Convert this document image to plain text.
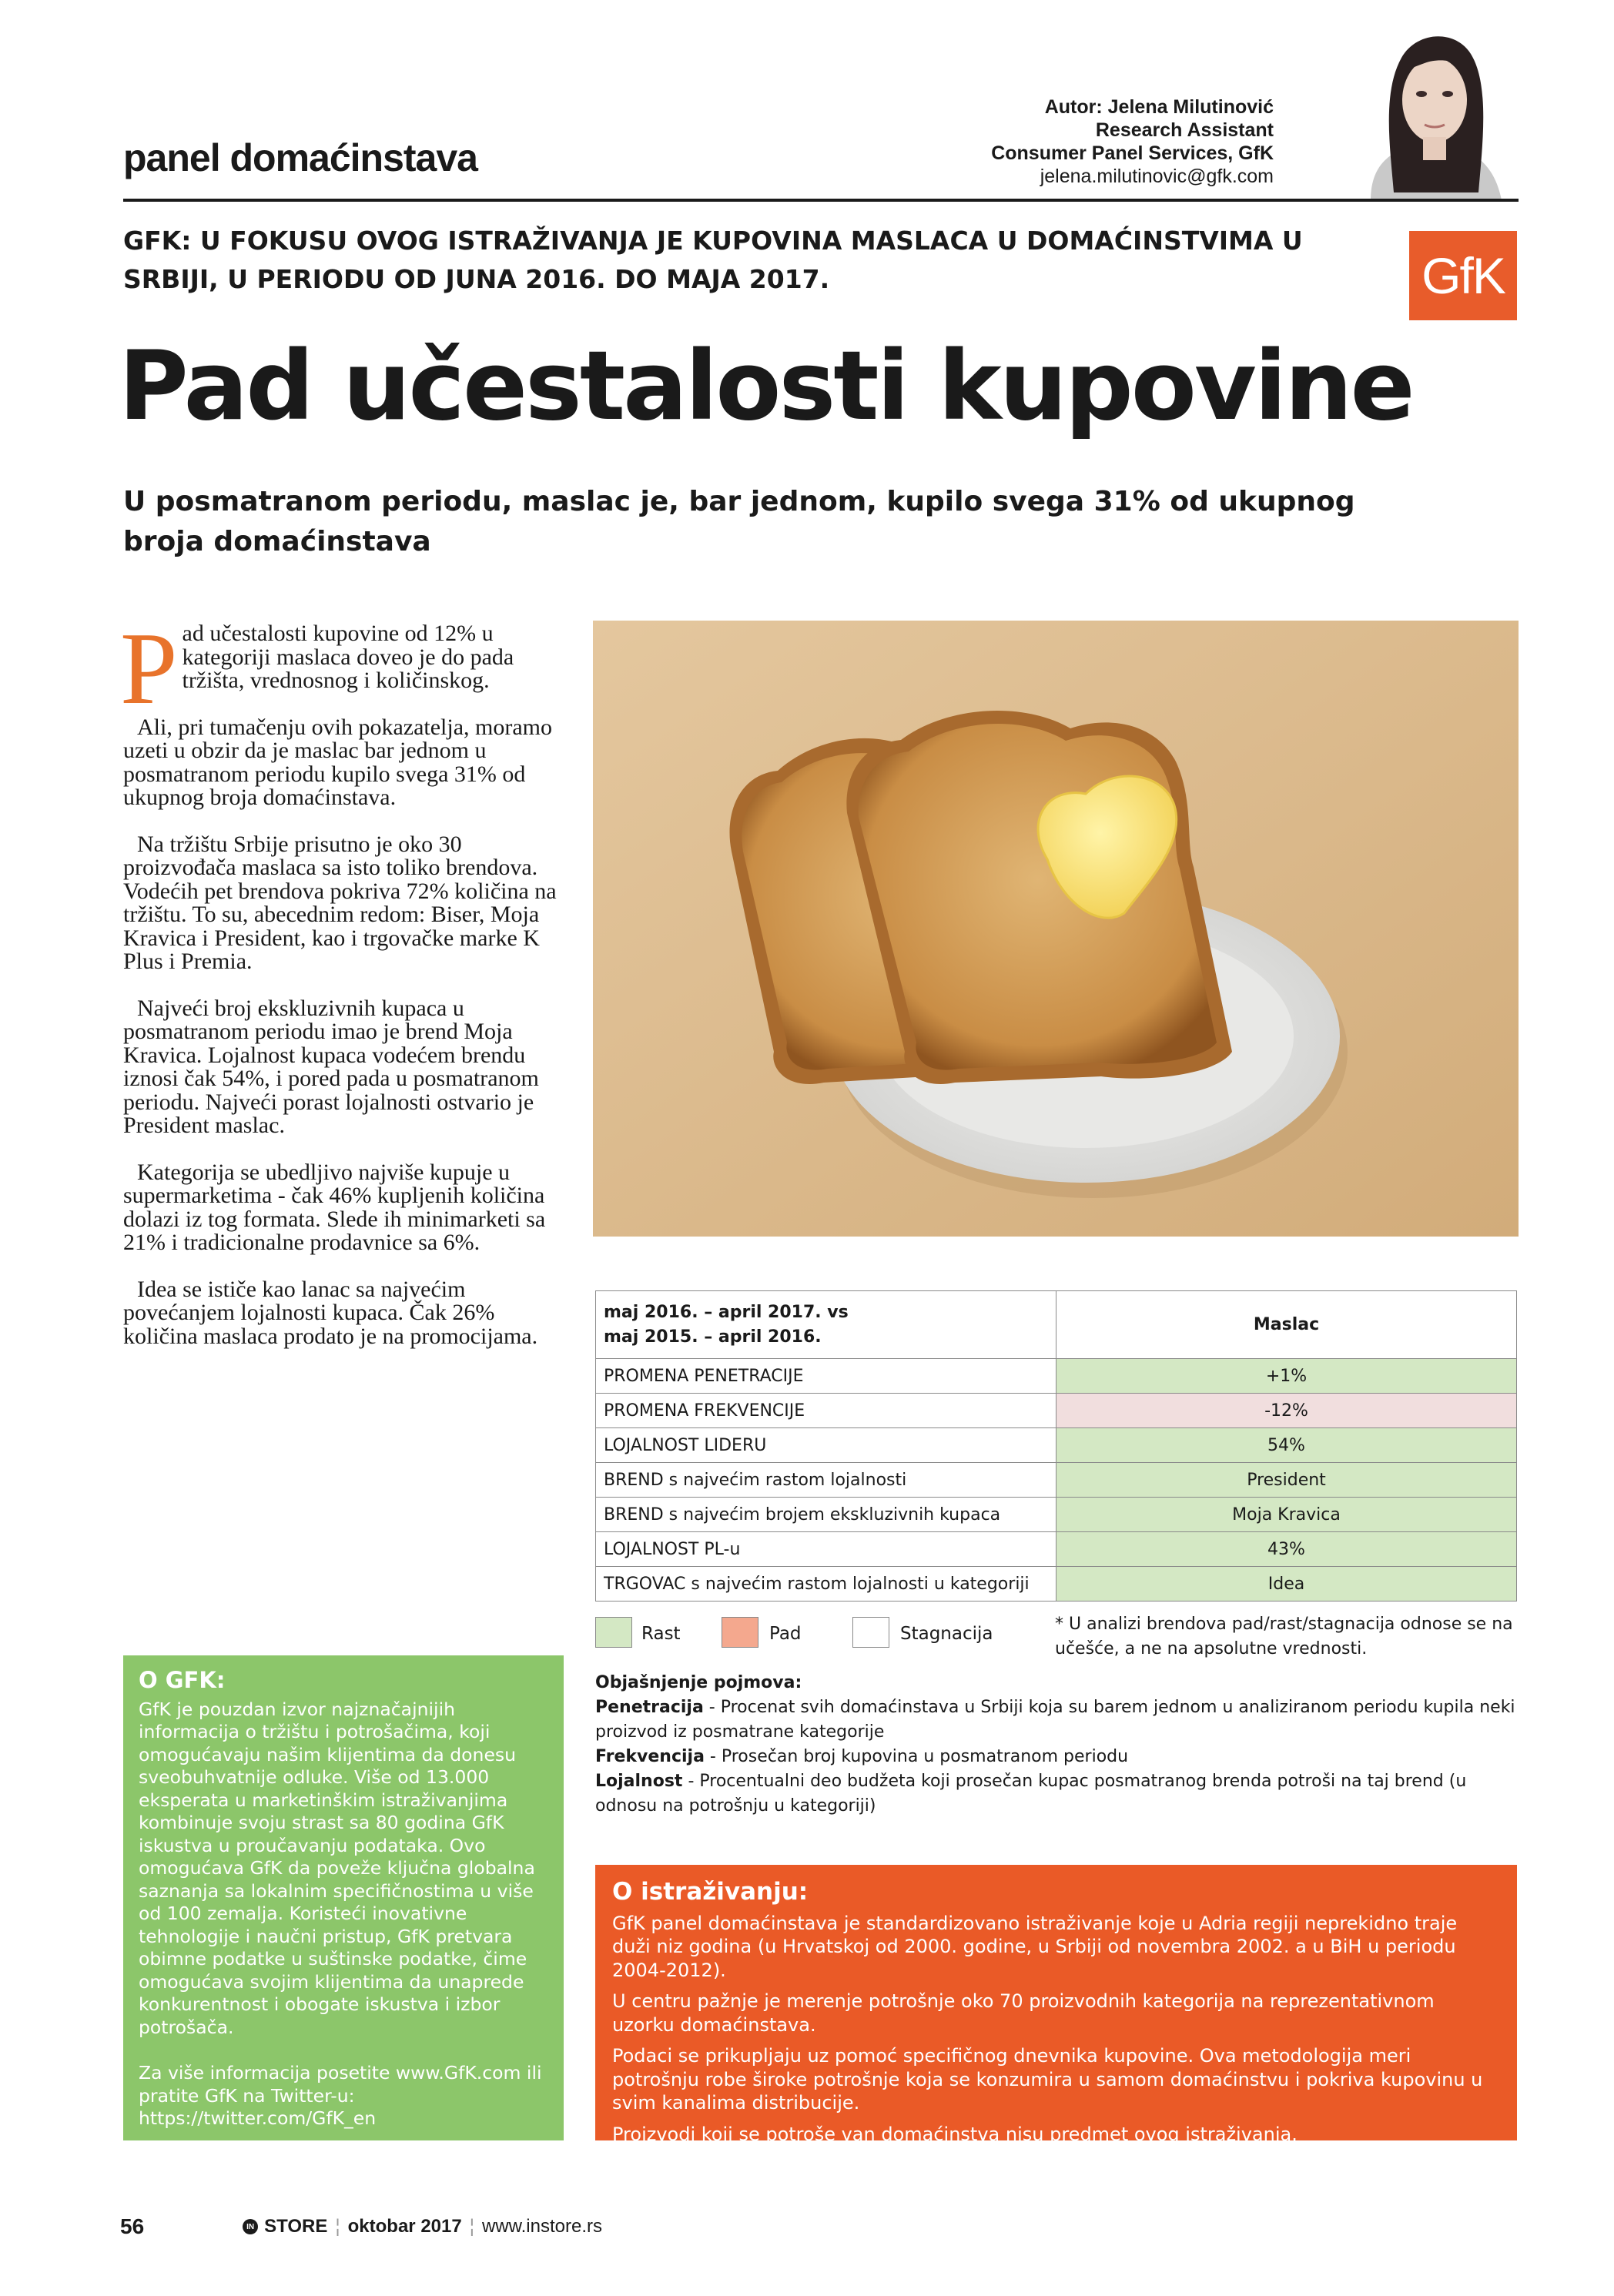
panel domaćinstava
Autor: Jelena Milutinović
Research Assistant
Consumer Panel Services, GfK
jelena.milutinovic@gfk.com
GFK: U FOKUSU OVOG ISTRAŽIVANJA JE KUPOVINA MASLACA U DOMAĆINSTVIMA U SRBIJI, U PERIODU OD JUNA 2016. DO MAJA 2017.	GfK
Pad učestalosti kupovine
U posmatranom periodu, maslac je, bar jednom, kupilo svega 31% od ukupnog broja domaćinstava

Pad učestalosti kupovine od 12% u kategoriji maslaca doveo je do pada tržišta, vrednosnog i količinskog.

Ali, pri tumačenju ovih pokazatelja, moramo uzeti u obzir da je maslac bar jednom u posmatranom periodu kupilo svega 31% od ukupnog broja domaćinstava.

Na tržištu Srbije prisutno je oko 30 proizvođača maslaca sa isto toliko brendova. Vodećih pet brendova pokriva 72% količina na tržištu. To su, abecednim redom: Biser, Moja Kravica i President, kao i trgovačke marke K Plus i Premia.

Najveći broj ekskluzivnih kupaca u posmatranom periodu imao je brend Moja Kravica. Lojalnost kupaca vodećem brendu iznosi čak 54%, i pored pada u posmatranom periodu. Najveći porast lojalnosti ostvario je President maslac.

Kategorija se ubedljivo najviše kupuje u supermarketima - čak 46% kupljenih količina dolazi iz tog formata. Slede ih minimarketi sa 21% i tradicionalne prodavnice sa 6%.

Idea se ističe kao lanac sa najvećim povećanjem lojalnosti kupaca. Čak 26% količina maslaca prodato je na promocijama.

maj 2016. – april 2017. vs
maj 2015. – april 2016.	Maslac
PROMENA PENETRACIJE	+1%
PROMENA FREKVENCIJE	-12%
LOJALNOST LIDERU	54%
BREND s najvećim rastom lojalnosti	President
BREND s najvećim brojem ekskluzivnih kupaca	Moja Kravica
LOJALNOST PL-u	43%
TRGOVAC s najvećim rastom lojalnosti u kategoriji	Idea
Rast	Pad	Stagnacija	* U analizi brendova pad/rast/stagnacija odnose se na učešće, a ne na apsolutne vrednosti.
Objašnjenje pojmova:
Penetracija - Procenat svih domaćinstava u Srbiji koja su barem jednom u analiziranom periodu kupila neki proizvod iz posmatrane kategorije
Frekvencija - Prosečan broj kupovina u posmatranom periodu
Lojalnost - Procentualni deo budžeta koji prosečan kupac posmatranog brenda potroši na taj brend (u odnosu na potrošnju u kategoriji)
O GFK:

GfK je pouzdan izvor najznačajnijih informacija o tržištu i potrošačima, koji omogućavaju našim klijentima da donesu sveobuhvatnije odluke. Više od 13.000 eksperata u marketinškim istraživanjima kombinuje svoju strast sa 80 godina GfK iskustva u proučavanju podataka. Ovo omogućava GfK da poveže ključna globalna saznanja sa lokalnim specifičnostima u više od 100 zemalja. Koristeći inovativne tehnologije i naučni pristup, GfK pretvara obimne podatke u suštinske podatke, čime omogućava svojim klijentima da unaprede konkurentnost i obogate iskustva i izbor potrošača.

Za više informacija posetite www.GfK.com ili pratite GfK na Twitter-u: https://twitter.com/GfK_en

O istraživanju:

GfK panel domaćinstava je standardizovano istraživanje koje u Adria regiji neprekidno traje duži niz godina (u Hrvatskoj od 2000. godine, u Srbiji od novembra 2002. a u BiH u periodu 2004-2012).

U centru pažnje je merenje potrošnje oko 70 proizvodnih kategorija na reprezentativnom uzorku domaćinstava.

Podaci se prikupljaju uz pomoć specifičnog dnevnika kupovine. Ova metodologija meri potrošnju robe široke potrošnje koja se konzumira u samom domaćinstvu i pokriva kupovinu u svim kanalima distribucije.

Proizvodi koji se potroše van domaćinstva nisu predmet ovog istraživanja.

56	IN STORE ¦ oktobar 2017 ¦ www.instore.rs
